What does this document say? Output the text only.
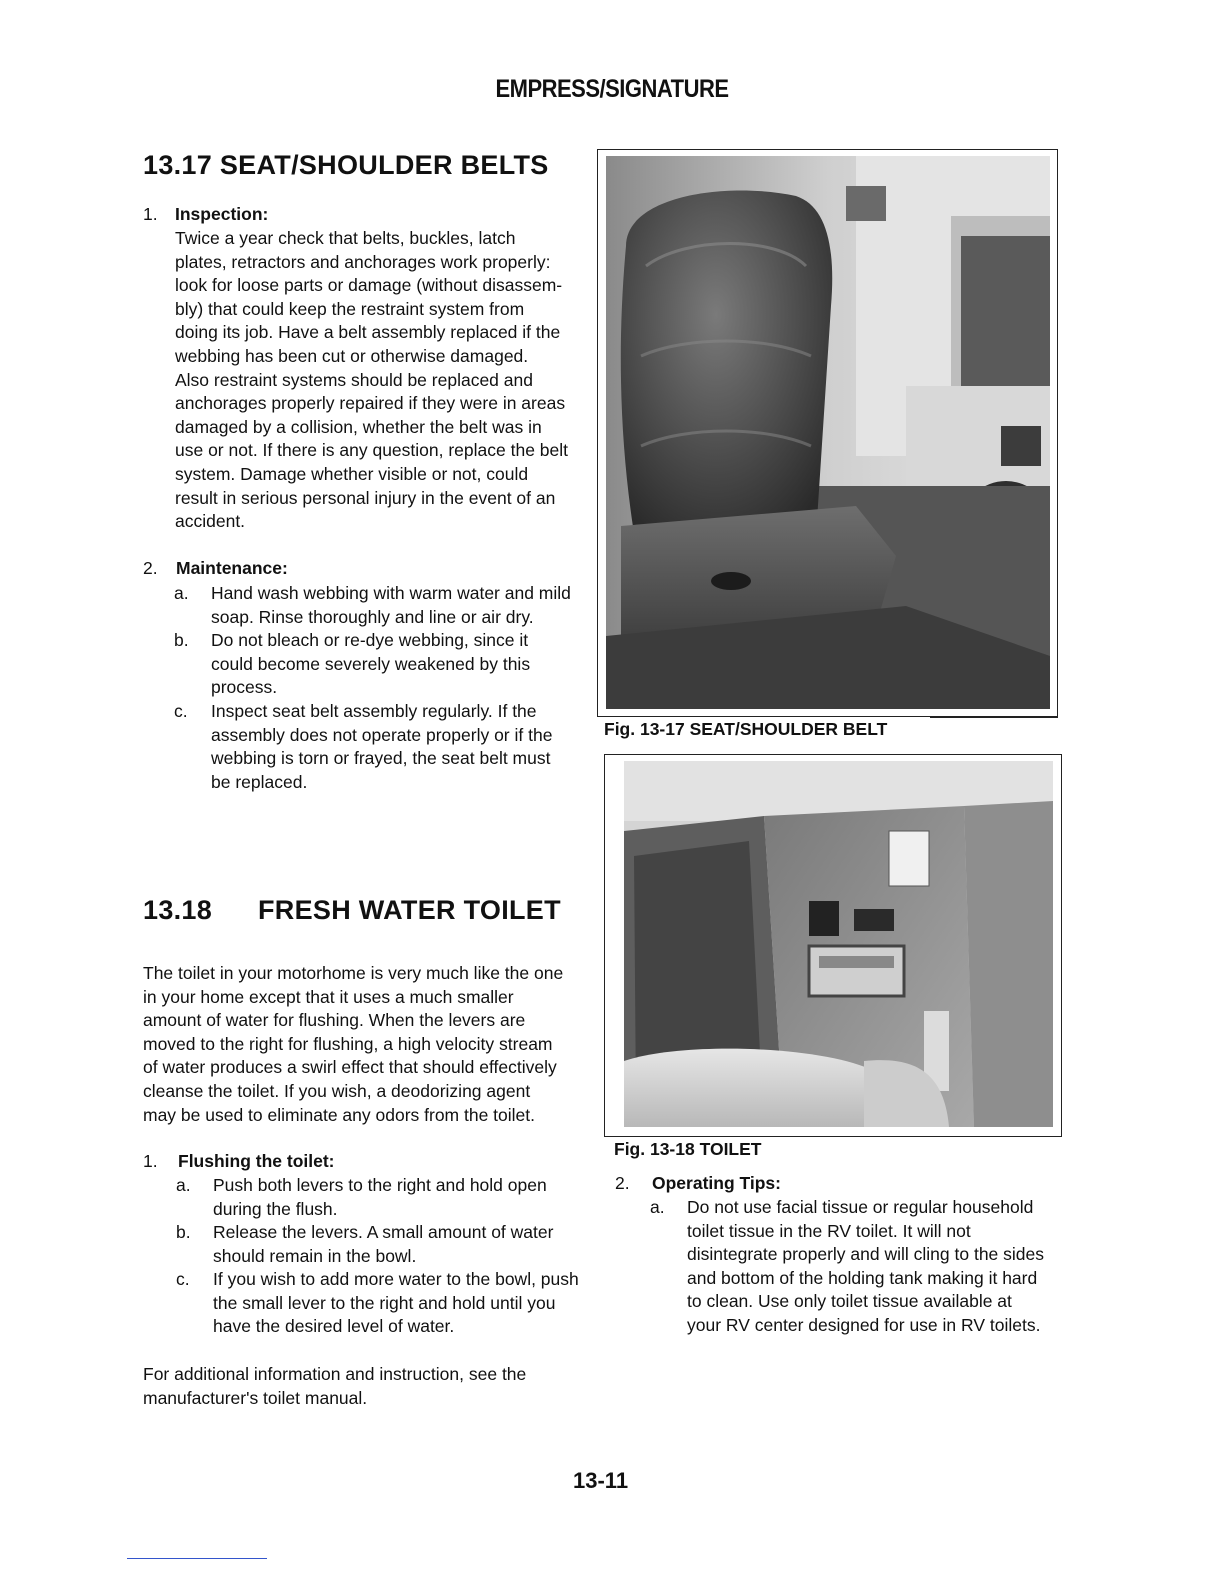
EMPRESS/SIGNATURE
13.17 SEAT/SHOULDER BELTS
1. Inspection:
Twice a year check that belts, buckles, latch
plates, retractors and anchorages work properly:
look for loose parts or damage (without disassem-
bly) that could keep the restraint system from
doing its job. Have a belt assembly replaced if the
webbing has been cut or otherwise damaged.
Also restraint systems should be replaced and
anchorages properly repaired if they were in areas
damaged by a collision, whether the belt was in
use or not. If there is any question, replace the belt
system. Damage whether visible or not, could
result in serious personal injury in the event of an
accident.
2. Maintenance:
a. Hand wash webbing with warm water and mild
soap. Rinse thoroughly and line or air dry.
b. Do not bleach or re-dye webbing, since it
could become severely weakened by this
process.
c. Inspect seat belt assembly regularly. If the
assembly does not operate properly or if the
webbing is torn or frayed, the seat belt must
be replaced.
13.18 FRESH WATER TOILET
The toilet in your motorhome is very much like the one
in your home except that it uses a much smaller
amount of water for flushing. When the levers are
moved to the right for flushing, a high velocity stream
of water produces a swirl effect that should effectively
cleanse the toilet. If you wish, a deodorizing agent
may be used to eliminate any odors from the toilet.
1. Flushing the toilet:
a. Push both levers to the right and hold open
during the flush.
b. Release the levers. A small amount of water
should remain in the bowl.
c. If you wish to add more water to the bowl, push
the small lever to the right and hold until you
have the desired level of water.
For additional information and instruction, see the
manufacturer's toilet manual.
Fig. 13-17 SEAT/SHOULDER BELT
Fig. 13-18 TOILET
2. Operating Tips:
a. Do not use facial tissue or regular household
toilet tissue in the RV toilet. It will not
disintegrate properly and will cling to the sides
and bottom of the holding tank making it hard
to clean. Use only toilet tissue available at
your RV center designed for use in RV toilets.
13-11
